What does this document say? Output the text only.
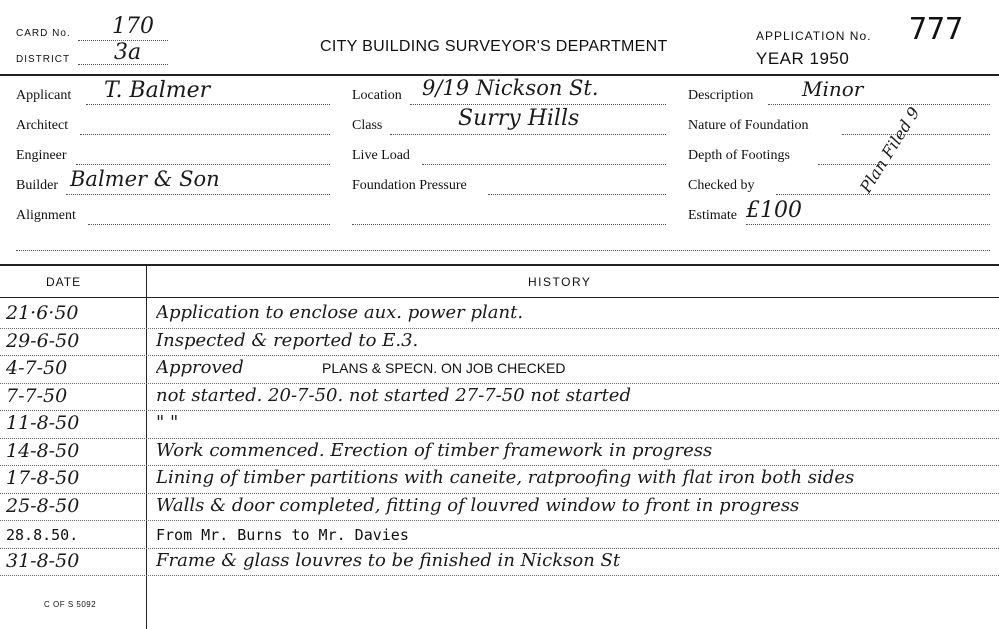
CARD No. 170
DISTRICT 3a	CITY BUILDING SURVEYOR'S DEPARTMENT
APPLICATION No. 777
YEAR 1950
Applicant T. Balmer
Architect
Engineer
Builder Balmer & Son
Alignment
Location 9/19 Nickson St.
Class	Surry Hills
Live Load
Foundation Pressure
Description Minor
Nature of Foundation
Depth of Footings
Checked by	Plan Filed 9
Estimate £100
DATE	HISTORY
21·6·50	Application to enclose aux. power plant.
29-6-50	Inspected & reported to E.3.
4-7-50	Approved	PLANS & SPECN. ON JOB CHECKED
7-7-50	not started. 20-7-50. not started 27-7-50 not started
11-8-50	" "
14-8-50	Work commenced. Erection of timber framework in progress
17-8-50	Lining of timber partitions with caneite, ratproofing with flat iron both sides
25-8-50	Walls & door completed, fitting of louvred window to front in progress
28.8.50.	From Mr. Burns to Mr. Davies
31-8-50	Frame & glass louvres to be finished in Nickson St
C OF S 5092
